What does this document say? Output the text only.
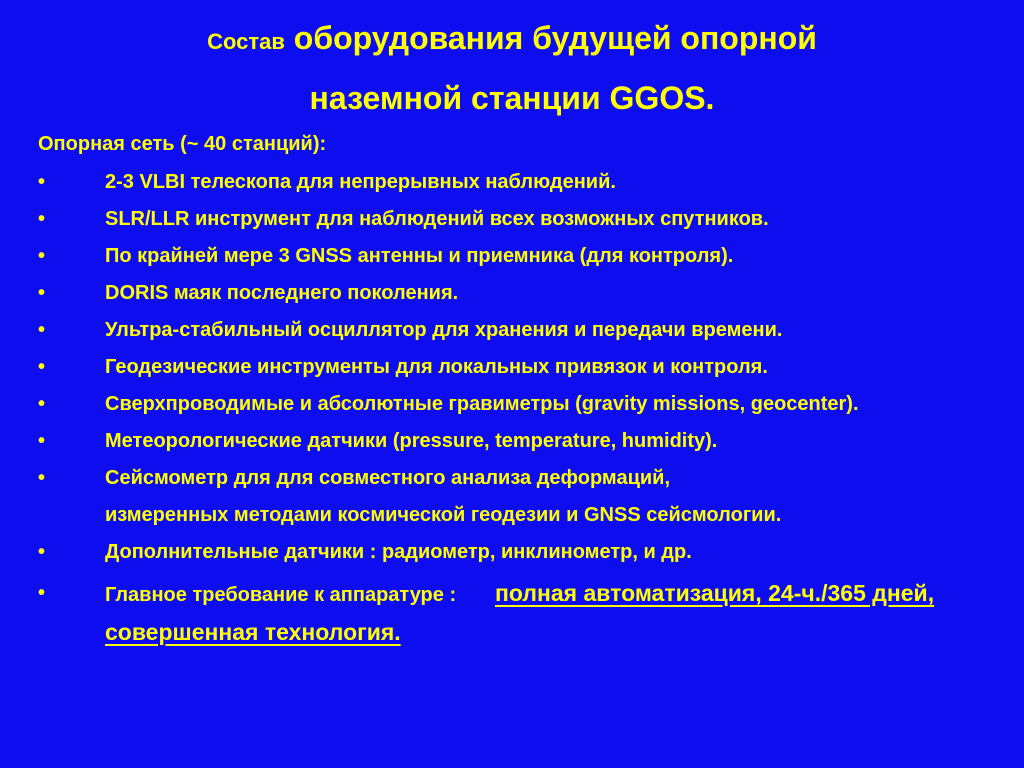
Состав оборудования будущей опорной
наземной станции GGOS.

Опорная сеть (~ 40 станций):

•	2-3 VLBI телескопа для непрерывных наблюдений.
•	SLR/LLR инструмент для наблюдений всех возможных спутников.
•	По крайней мере 3 GNSS антенны и приемника (для контроля).
•	DORIS маяк последнего поколения.
•	Ультра-стабильный осциллятор для хранения и передачи времени.
•	Геодезические инструменты для локальных привязок и контроля.
•	Сверхпроводимые и абсолютные гравиметры (gravity missions, geocenter).
•	Метеорологические датчики (pressure, temperature, humidity).
•	Сейсмометр для для совместного анализа деформаций, измеренных методами космической геодезии и GNSS сейсмологии.
•	Дополнительные датчики : радиометр, инклинометр, и др.
•	Главное требование к аппаратуре :       полная автоматизация, 24-ч./365 дней, совершенная технология.
